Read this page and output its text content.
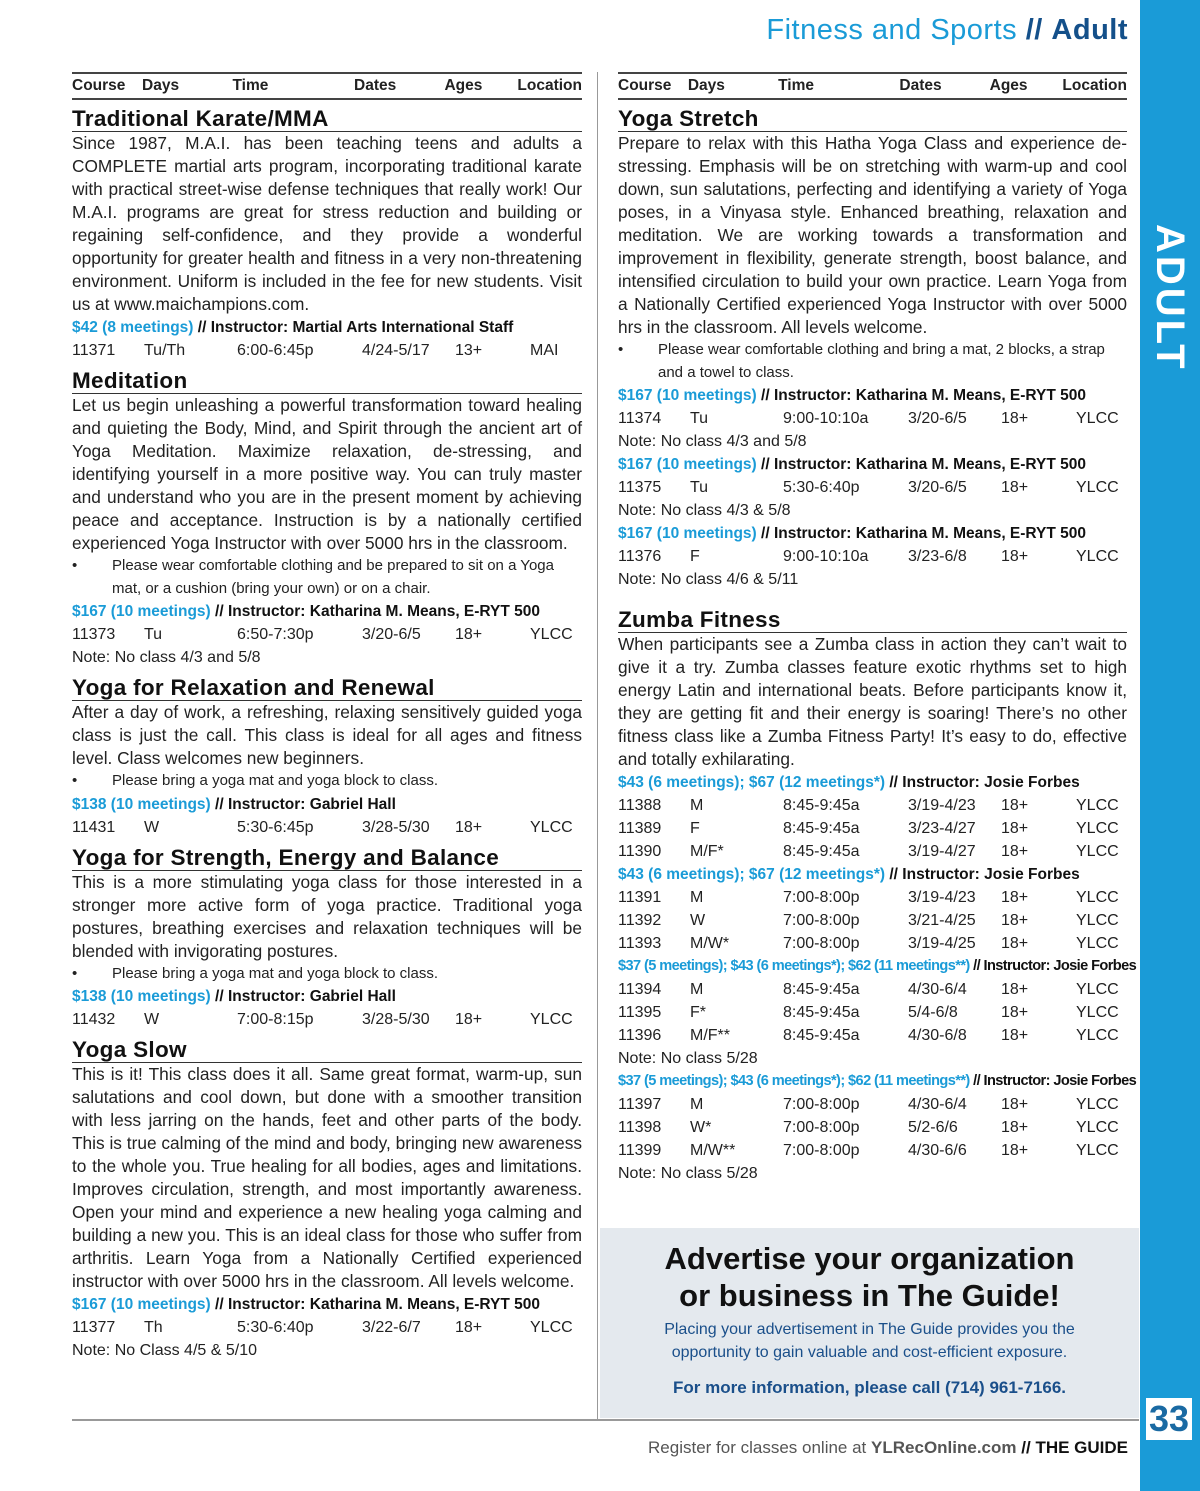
Fitness and Sports // Adult
ADULT
33
Course	Days	Time	Dates	Ages	Location
Traditional Karate/MMA

Since 1987, M.A.I. has been teaching teens and adults a COMPLETE martial arts program, incorporating traditional karate with practical street-wise defense techniques that really work! Our M.A.I. programs are great for stress reduction and building or regaining self-confidence, and they provide a wonderful opportunity for greater health and fitness in a very non-threatening environment. Uniform is included in the fee for new students. Visit us at www.maichampions.com.

$42 (8 meetings) // Instructor: Martial Arts International Staff
11371	Tu/Th	6:00-6:45p	4/24-5/17	13+	MAI
Meditation

Let us begin unleashing a powerful transformation toward healing and quieting the Body, Mind, and Spirit through the ancient art of Yoga Meditation. Maximize relaxation, de-stressing, and identifying yourself in a more positive way. You can truly master and understand who you are in the present moment by achieving peace and acceptance. Instruction is by a nationally certified experienced Yoga Instructor with over 5000 hrs in the classroom.

• Please wear comfortable clothing and be prepared to sit on a Yoga mat, or a cushion (bring your own) or on a chair.
$167 (10 meetings) // Instructor: Katharina M. Means, E-RYT 500
11373	Tu	6:50-7:30p	3/20-6/5	18+	YLCC
Note: No class 4/3 and 5/8
Yoga for Relaxation and Renewal

After a day of work, a refreshing, relaxing sensitively guided yoga class is just the call. This class is ideal for all ages and fitness level. Class welcomes new beginners.

• Please bring a yoga mat and yoga block to class.
$138 (10 meetings) // Instructor: Gabriel Hall
11431	W	5:30-6:45p	3/28-5/30	18+	YLCC
Yoga for Strength, Energy and Balance

This is a more stimulating yoga class for those interested in a stronger more active form of yoga practice. Traditional yoga postures, breathing exercises and relaxation techniques will be blended with invigorating postures.

• Please bring a yoga mat and yoga block to class.
$138 (10 meetings) // Instructor: Gabriel Hall
11432	W	7:00-8:15p	3/28-5/30	18+	YLCC
Yoga Slow

This is it! This class does it all. Same great format, warm-up, sun salutations and cool down, but done with a smoother transition with less jarring on the hands, feet and other parts of the body. This is true calming of the mind and body, bringing new awareness to the whole you. True healing for all bodies, ages and limitations. Improves circulation, strength, and most importantly awareness. Open your mind and experience a new healing yoga calming and building a new you. This is an ideal class for those who suffer from arthritis. Learn Yoga from a Nationally Certified experienced instructor with over 5000 hrs in the classroom. All levels welcome.

$167 (10 meetings) // Instructor: Katharina M. Means, E-RYT 500
11377	Th	5:30-6:40p	3/22-6/7	18+	YLCC
Note: No Class 4/5 & 5/10
Course	Days	Time	Dates	Ages	Location
Yoga Stretch

Prepare to relax with this Hatha Yoga Class and experience de-stressing. Emphasis will be on stretching with warm-up and cool down, sun salutations, perfecting and identifying a variety of Yoga poses, in a Vinyasa style. Enhanced breathing, relaxation and meditation. We are working towards a transformation and improvement in flexibility, generate strength, boost balance, and intensified circulation to build your own practice. Learn Yoga from a Nationally Certified experienced Yoga Instructor with over 5000 hrs in the classroom. All levels welcome.

• Please wear comfortable clothing and bring a mat, 2 blocks, a strap and a towel to class.
$167 (10 meetings) // Instructor: Katharina M. Means, E-RYT 500
11374	Tu	9:00-10:10a	3/20-6/5	18+	YLCC
Note: No class 4/3 and 5/8
$167 (10 meetings) // Instructor: Katharina M. Means, E-RYT 500
11375	Tu	5:30-6:40p	3/20-6/5	18+	YLCC
Note: No class 4/3 & 5/8
$167 (10 meetings) // Instructor: Katharina M. Means, E-RYT 500
11376	F	9:00-10:10a	3/23-6/8	18+	YLCC
Note: No class 4/6 & 5/11
Zumba Fitness

When participants see a Zumba class in action they can’t wait to give it a try. Zumba classes feature exotic rhythms set to high energy Latin and international beats. Before participants know it, they are getting fit and their energy is soaring! There’s no other fitness class like a Zumba Fitness Party! It’s easy to do, effective and totally exhilarating.

$43 (6 meetings); $67 (12 meetings*) // Instructor: Josie Forbes
11388	M	8:45-9:45a	3/19-4/23	18+	YLCC
11389	F	8:45-9:45a	3/23-4/27	18+	YLCC
11390	M/F*	8:45-9:45a	3/19-4/27	18+	YLCC
$43 (6 meetings); $67 (12 meetings*) // Instructor: Josie Forbes
11391	M	7:00-8:00p	3/19-4/23	18+	YLCC
11392	W	7:00-8:00p	3/21-4/25	18+	YLCC
11393	M/W*	7:00-8:00p	3/19-4/25	18+	YLCC
$37 (5 meetings); $43 (6 meetings*); $62 (11 meetings**) // Instructor: Josie Forbes
11394	M	8:45-9:45a	4/30-6/4	18+	YLCC
11395	F*	8:45-9:45a	5/4-6/8	18+	YLCC
11396	M/F**	8:45-9:45a	4/30-6/8	18+	YLCC
Note: No class 5/28
$37 (5 meetings); $43 (6 meetings*); $62 (11 meetings**) // Instructor: Josie Forbes
11397	M	7:00-8:00p	4/30-6/4	18+	YLCC
11398	W*	7:00-8:00p	5/2-6/6	18+	YLCC
11399	M/W**	7:00-8:00p	4/30-6/6	18+	YLCC
Note: No class 5/28
Advertise your organization
or business in The Guide!
Placing your advertisement in The Guide provides you the
opportunity to gain valuable and cost-efficient exposure.
For more information, please call (714) 961-7166.
Register for classes online at YLRecOnline.com // THE GUIDE
